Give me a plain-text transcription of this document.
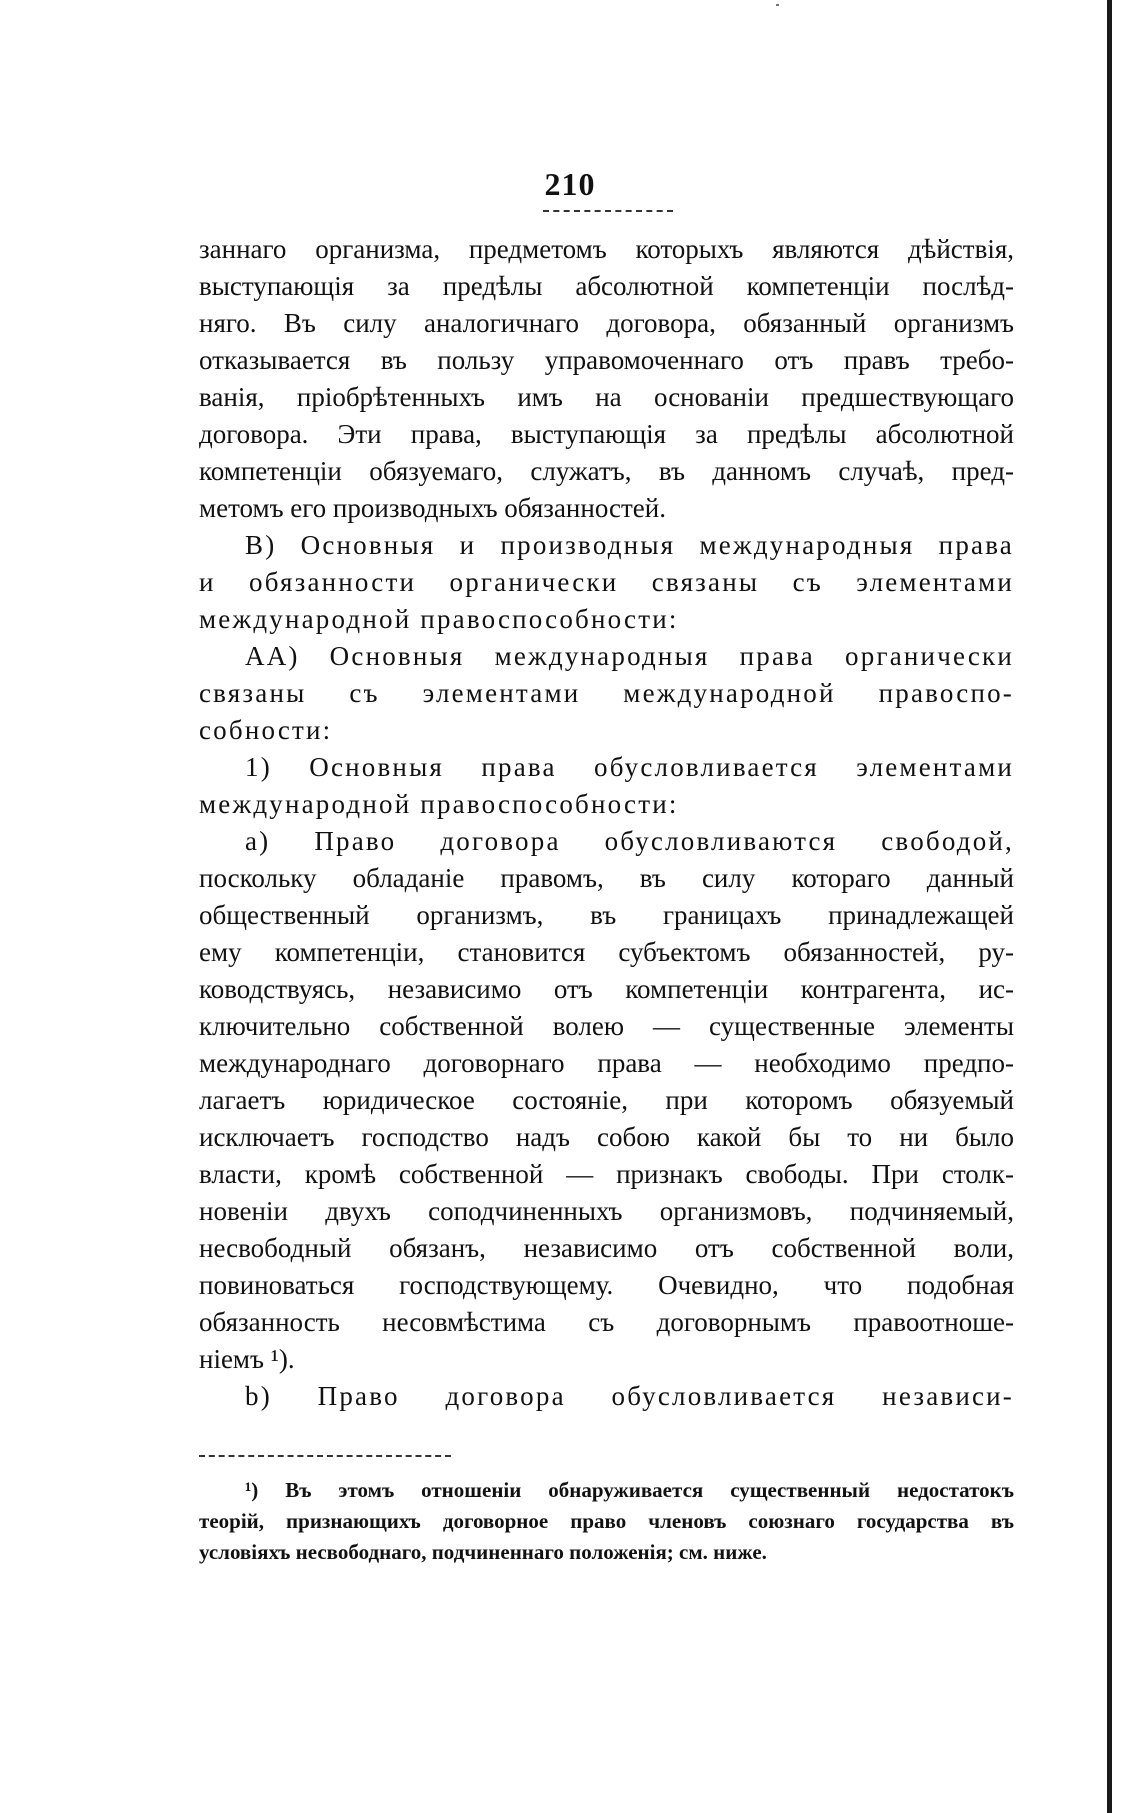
210
заннаго организма, предметомъ которыхъ являются дѣйствія,
выступающія за предѣлы абсолютной компетенціи послѣд-
няго. Въ силу аналогичнаго договора, обязанный организмъ
отказывается въ пользу управомоченнаго отъ правъ требо-
ванія, пріобрѣтенныхъ имъ на основаніи предшествующаго
договора. Эти права, выступающія за предѣлы абсолютной
компетенціи обязуемаго, служатъ, въ данномъ случаѣ, пред-
метомъ его производныхъ обязанностей.
B) Основныя и производныя международныя права
и обязанности органически связаны съ элементами
международной правоспособности:
AA) Основныя международныя права органически
связаны съ элементами международной правоспо-
собности:
1) Основныя права обусловливается элементами
международной правоспособности:
a) Право договора обусловливаются свободой,
поскольку обладаніе правомъ, въ силу котораго данный
общественный организмъ, въ границахъ принадлежащей
ему компетенціи, становится субъектомъ обязанностей, ру-
ководствуясь, независимо отъ компетенціи контрагента, ис-
ключительно собственной волею — существенные элементы
международнаго договорнаго права — необходимо предпо-
лагаетъ юридическое состояніе, при которомъ обязуемый
исключаетъ господство надъ собою какой бы то ни было
власти, кромѣ собственной — признакъ свободы. При столк-
новеніи двухъ соподчиненныхъ организмовъ, подчиняемый,
несвободный обязанъ, независимо отъ собственной воли,
повиноваться господствующему. Очевидно, что подобная
обязанность несовмѣстима съ договорнымъ правоотноше-
ніемъ ¹).
b) Право договора обусловливается независи-
¹) Въ этомъ отношеніи обнаруживается существенный недостатокъ
теорій, признающихъ договорное право членовъ союзнаго государства въ
условіяхъ несвободнаго, подчиненнаго положенія; см. ниже.
